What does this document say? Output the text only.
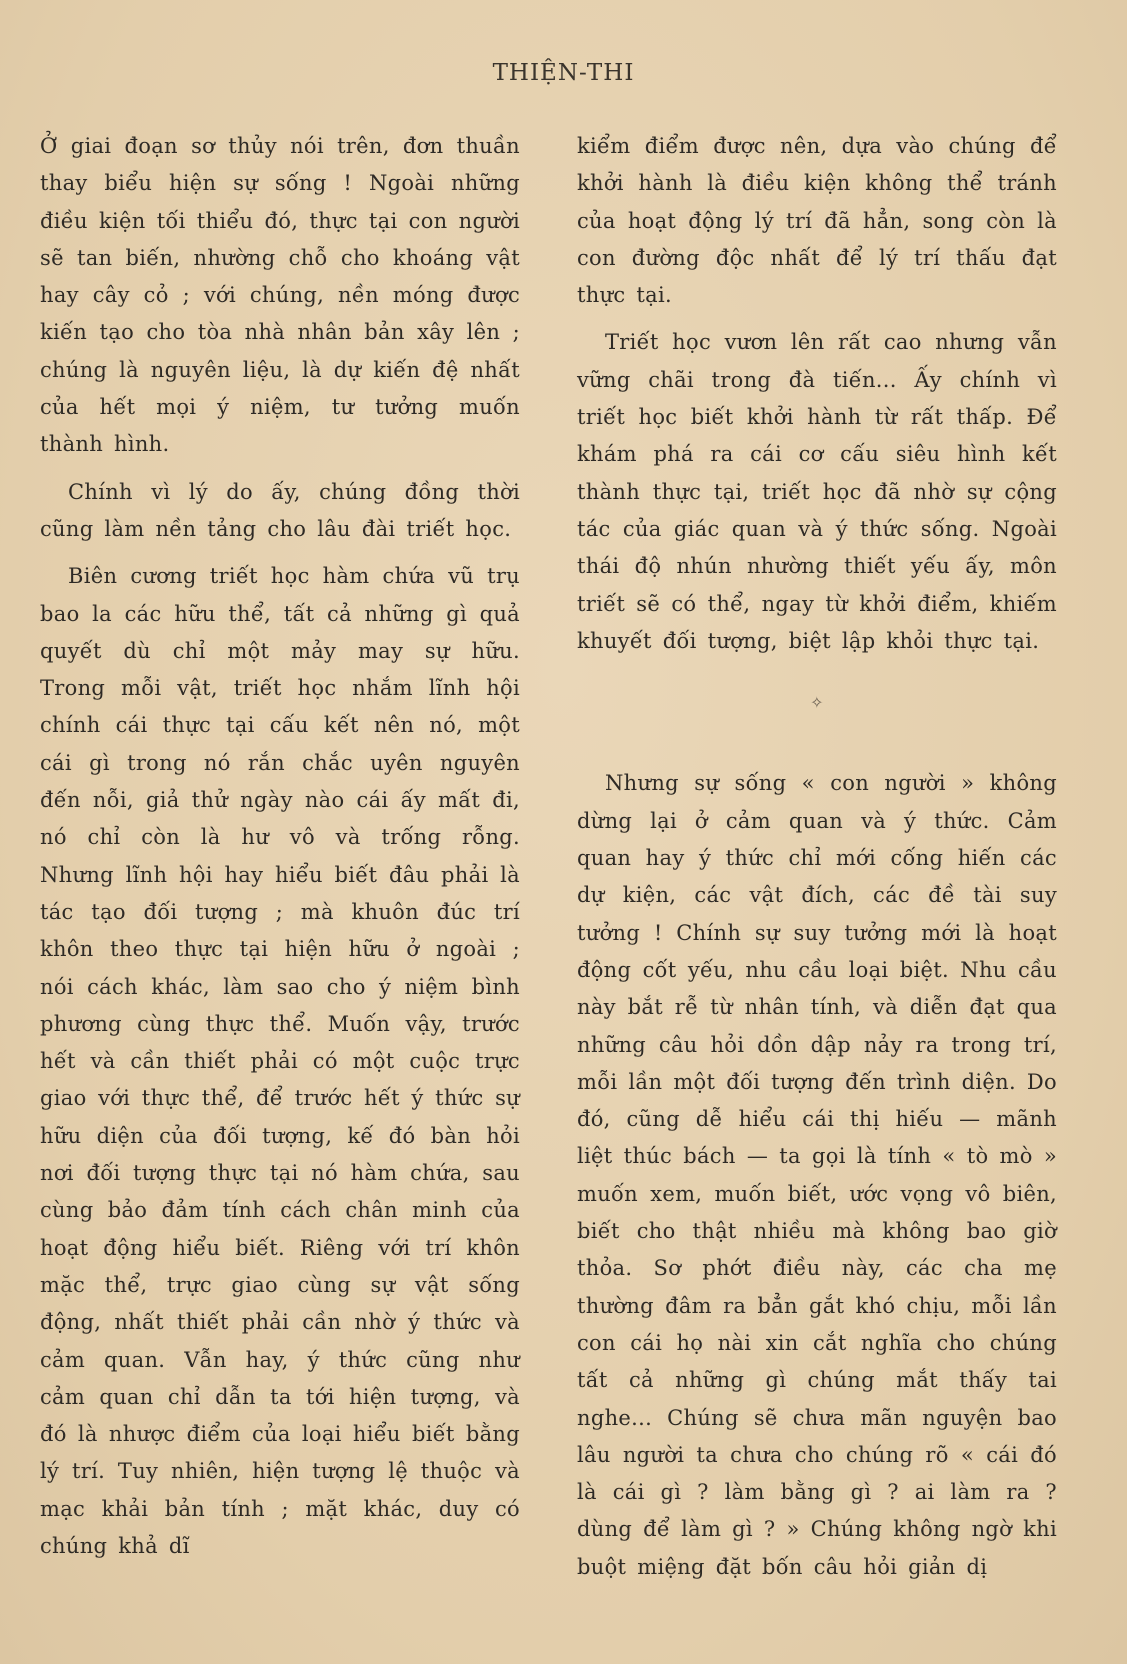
THIỆN-THI

Ở giai đoạn sơ thủy nói trên, đơn thuần thay biểu hiện sự sống ! Ngoài những điều kiện tối thiểu đó, thực tại con người sẽ tan biến, nhường chỗ cho khoáng vật hay cây cỏ ; với chúng, nền móng được kiến tạo cho tòa nhà nhân bản xây lên ; chúng là nguyên liệu, là dự kiến đệ nhất của hết mọi ý niệm, tư tưởng muốn thành hình.

Chính vì lý do ấy, chúng đồng thời cũng làm nền tảng cho lâu đài triết học.

Biên cương triết học hàm chứa vũ trụ bao la các hữu thể, tất cả những gì quả quyết dù chỉ một mảy may sự hữu. Trong mỗi vật, triết học nhắm lĩnh hội chính cái thực tại cấu kết nên nó, một cái gì trong nó rắn chắc uyên nguyên đến nỗi, giả thử ngày nào cái ấy mất đi, nó chỉ còn là hư vô và trống rỗng. Nhưng lĩnh hội hay hiểu biết đâu phải là tác tạo đối tượng ; mà khuôn đúc trí khôn theo thực tại hiện hữu ở ngoài ; nói cách khác, làm sao cho ý niệm bình phương cùng thực thể. Muốn vậy, trước hết và cần thiết phải có một cuộc trực giao với thực thể, để trước hết ý thức sự hữu diện của đối tượng, kế đó bàn hỏi nơi đối tượng thực tại nó hàm chứa, sau cùng bảo đảm tính cách chân minh của hoạt động hiểu biết. Riêng với trí khôn mặc thể, trực giao cùng sự vật sống động, nhất thiết phải cần nhờ ý thức và cảm quan. Vẫn hay, ý thức cũng như cảm quan chỉ dẫn ta tới hiện tượng, và đó là nhược điểm của loại hiểu biết bằng lý trí. Tuy nhiên, hiện tượng lệ thuộc và mạc khải bản tính ; mặt khác, duy có chúng khả dĩ

kiểm điểm được nên, dựa vào chúng để khởi hành là điều kiện không thể tránh của hoạt động lý trí đã hẳn, song còn là con đường độc nhất để lý trí thấu đạt thực tại.

Triết học vươn lên rất cao nhưng vẫn vững chãi trong đà tiến... Ấy chính vì triết học biết khởi hành từ rất thấp. Để khám phá ra cái cơ cấu siêu hình kết thành thực tại, triết học đã nhờ sự cộng tác của giác quan và ý thức sống. Ngoài thái độ nhún nhường thiết yếu ấy, môn triết sẽ có thể, ngay từ khởi điểm, khiếm khuyết đối tượng, biệt lập khỏi thực tại.

✧

Nhưng sự sống « con người » không dừng lại ở cảm quan và ý thức. Cảm quan hay ý thức chỉ mới cống hiến các dự kiện, các vật đích, các đề tài suy tưởng ! Chính sự suy tưởng mới là hoạt động cốt yếu, nhu cầu loại biệt. Nhu cầu này bắt rễ từ nhân tính, và diễn đạt qua những câu hỏi dồn dập nảy ra trong trí, mỗi lần một đối tượng đến trình diện. Do đó, cũng dễ hiểu cái thị hiếu — mãnh liệt thúc bách — ta gọi là tính « tò mò » muốn xem, muốn biết, ước vọng vô biên, biết cho thật nhiều mà không bao giờ thỏa. Sơ phớt điều này, các cha mẹ thường đâm ra bẳn gắt khó chịu, mỗi lần con cái họ nài xin cắt nghĩa cho chúng tất cả những gì chúng mắt thấy tai nghe... Chúng sẽ chưa mãn nguyện bao lâu người ta chưa cho chúng rõ « cái đó là cái gì ? làm bằng gì ? ai làm ra ? dùng để làm gì ? » Chúng không ngờ khi buột miệng đặt bốn câu hỏi giản dị
